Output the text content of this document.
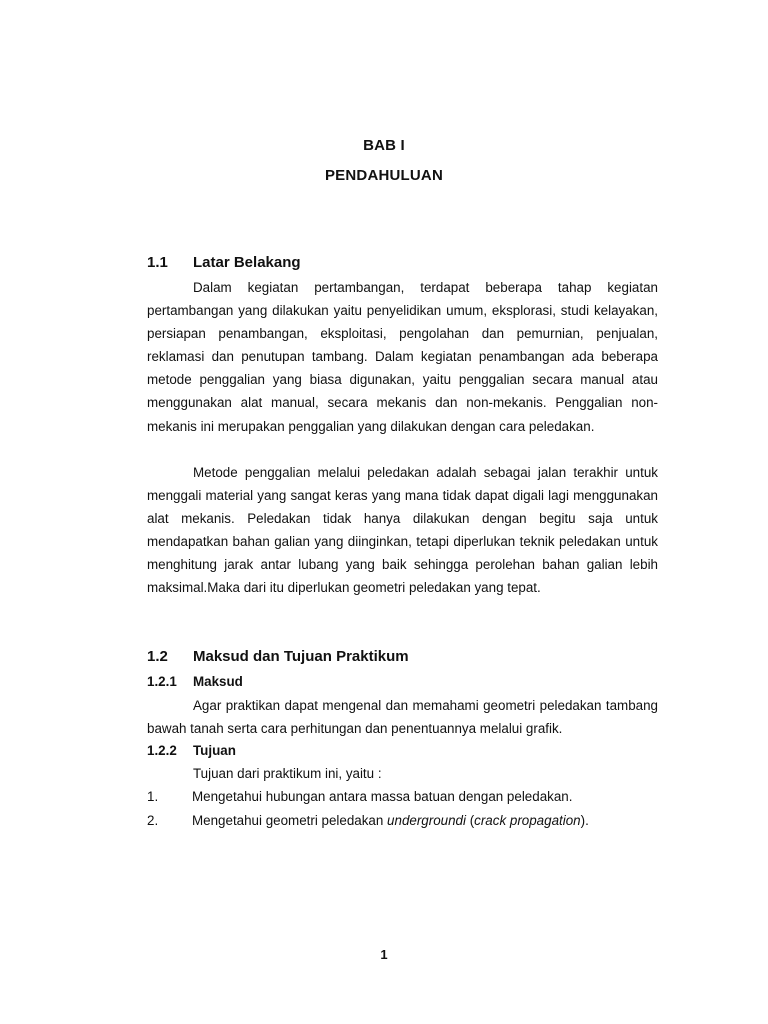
BAB I
PENDAHULUAN
1.1 Latar Belakang

Dalam kegiatan pertambangan, terdapat beberapa tahap kegiatan pertambangan yang dilakukan yaitu penyelidikan umum, eksplorasi, studi kelayakan, persiapan penambangan, eksploitasi, pengolahan dan pemurnian, penjualan, reklamasi dan penutupan tambang. Dalam kegiatan penambangan ada beberapa metode penggalian yang biasa digunakan, yaitu penggalian secara manual atau menggunakan alat manual, secara mekanis dan non-mekanis. Penggalian non-mekanis ini merupakan penggalian yang dilakukan dengan cara peledakan.

Metode penggalian melalui peledakan adalah sebagai jalan terakhir untuk menggali material yang sangat keras yang mana tidak dapat digali lagi menggunakan alat mekanis. Peledakan tidak hanya dilakukan dengan begitu saja untuk mendapatkan bahan galian yang diinginkan, tetapi diperlukan teknik peledakan untuk menghitung jarak antar lubang yang baik sehingga perolehan bahan galian lebih maksimal.Maka dari itu diperlukan geometri peledakan yang tepat.

1.2 Maksud dan Tujuan Praktikum
1.2.1 Maksud

Agar praktikan dapat mengenal dan memahami geometri peledakan tambang bawah tanah serta cara perhitungan dan penentuannya melalui grafik.

1.2.2 Tujuan
Tujuan dari praktikum ini, yaitu :
1.	Mengetahui hubungan antara massa batuan dengan peledakan.
2.	Mengetahui geometri peledakan undergroundi (crack propagation).
1
